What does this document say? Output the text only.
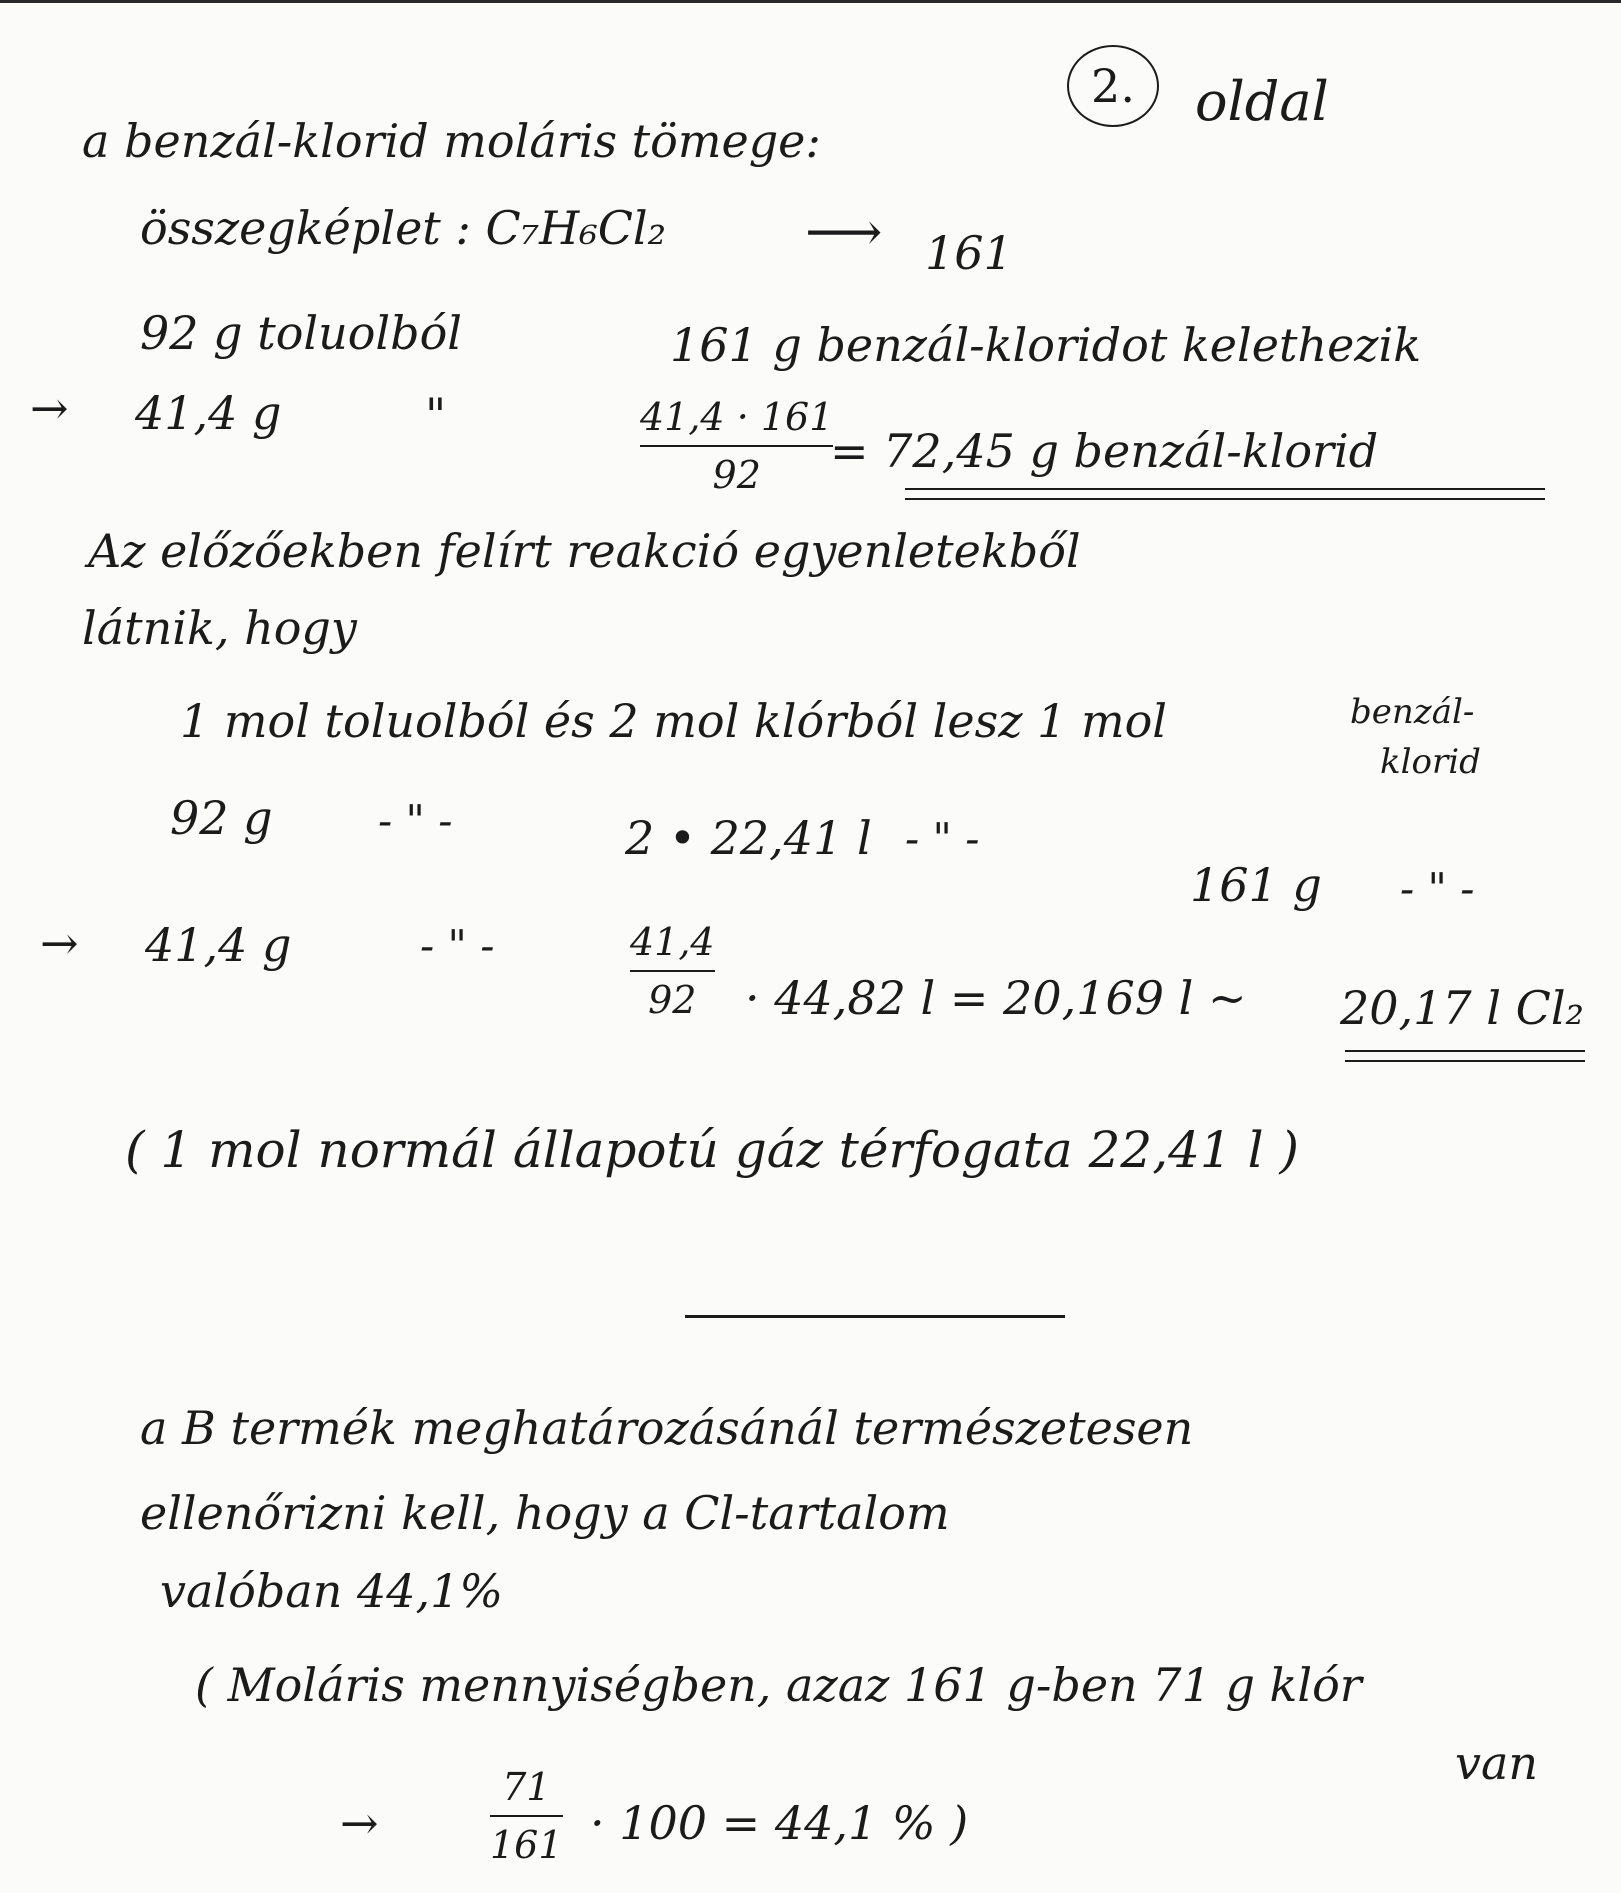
2. oldal
a benzál-klorid moláris tömege:
összegképlet : C₇H₆Cl₂	⟶ 161
92 g toluolból	161 g benzál-kloridot kelethezik
→ 41,4 g	"	41,4 · 161
92 = 72,45 g benzál-klorid
Az előzőekben felírt reakció egyenletekből
látnik, hogy
1 mol toluolból és 2 mol klórból lesz 1 mol	benzál-
klorid
92 g	- " -	2 • 22,41 l - " -
161 g - " -
→ 41,4 g	- " -	41,4
92 · 44,82 l = 20,169 l ~ 20,17 l Cl₂
( 1 mol normál állapotú gáz térfogata 22,41 l )
a B termék meghatározásánál természetesen
ellenőrizni kell, hogy a Cl-tartalom
valóban 44,1%
( Moláris mennyiségben, azaz 161 g-ben 71 g klór
van
→
71
161 · 100 = 44,1 % )
